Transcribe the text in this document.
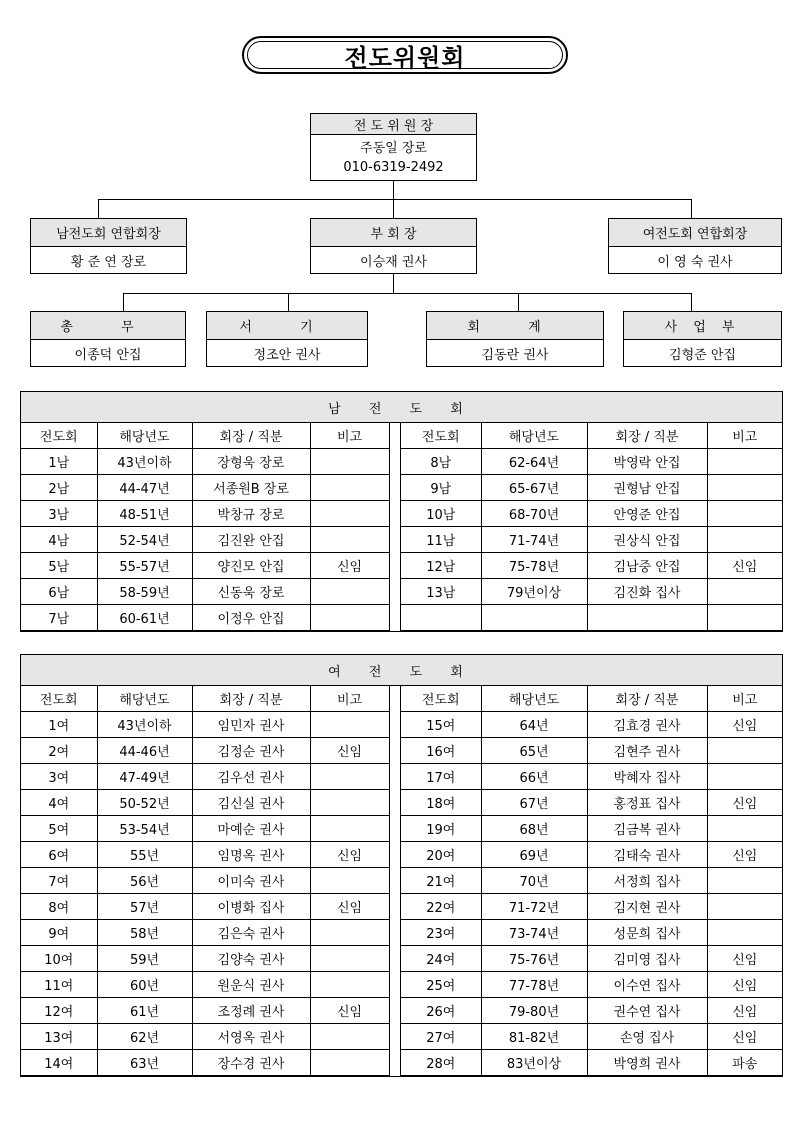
전도위원회
전 도 위 원 장
주동일 장로
010-6319-2492
남전도회 연합회장
황 준 연 장로
부 회 장
이승재 권사
여전도회 연합회장
이 영 숙 권사
총 무
이종덕 안집
서 기
정조안 권사
회 계
김동란 권사
사 업 부
김형준 안집
남 전 도 회
전도회	해당년도	회장 / 직분	비고
1남	43년이하	장형욱 장로	
2남	44-47년	서종원B 장로	
3남	48-51년	박창규 장로	
4남	52-54년	김진완 안집	
5남	55-57년	양진모 안집	신임
6남	58-59년	신동욱 장로	
7남	60-61년	이정우 안집	
전도회	해당년도	회장 / 직분	비고
8남	62-64년	박영락 안집	
9남	65-67년	권형남 안집	
10남	68-70년	안영준 안집	
11남	71-74년	권상식 안집	
12남	75-78년	김남중 안집	신임
13남	79년이상	김진화 집사	

여 전 도 회
전도회	해당년도	회장 / 직분	비고
1여	43년이하	임민자 권사	
2여	44-46년	김정순 권사	신임
3여	47-49년	김우선 권사	
4여	50-52년	김신실 권사	
5여	53-54년	마예순 권사	
6여	55년	임명옥 권사	신임
7여	56년	이미숙 권사	
8여	57년	이병화 집사	신임
9여	58년	김은숙 권사	
10여	59년	김양숙 권사	
11여	60년	원운식 권사	
12여	61년	조정례 권사	신임
13여	62년	서영옥 권사	
14여	63년	장수경 권사	
전도회	해당년도	회장 / 직분	비고
15여	64년	김효경 권사	신임
16여	65년	김현주 권사	
17여	66년	박혜자 집사	
18여	67년	홍정표 집사	신임
19여	68년	김금복 권사	
20여	69년	김태숙 권사	신임
21여	70년	서정희 집사	
22여	71-72년	김지현 권사	
23여	73-74년	성문희 집사	
24여	75-76년	김미영 집사	신임
25여	77-78년	이수연 집사	신임
26여	79-80년	권수연 집사	신임
27여	81-82년	손영 집사	신임
28여	83년이상	박영희 권사	파송
